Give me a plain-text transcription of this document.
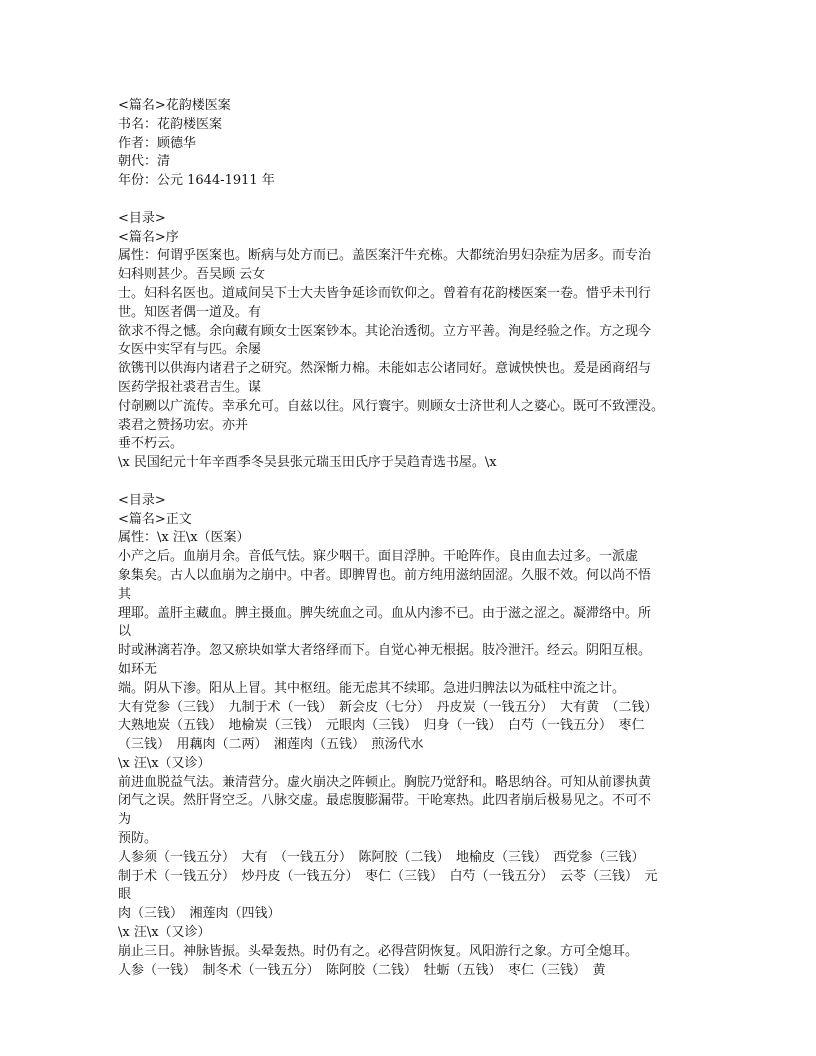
<篇名>花韵楼医案
书名：花韵楼医案
作者：顾德华
朝代：清
年份：公元 1644-1911 年
<目录>
<篇名>序
属性：何谓乎医案也。断病与处方而已。盖医案汗牛充栋。大都统治男妇杂症为居多。而专治
妇科则甚少。吾吴顾 云女
士。妇科名医也。道咸间吴下士大夫皆争延诊而钦仰之。曾着有花韵楼医案一卷。惜乎未刊行
世。知医者偶一道及。有
欲求不得之憾。余向藏有顾女士医案钞本。其论治透彻。立方平善。洵是经验之作。方之现今
女医中实罕有与匹。余屡
欲镌刊以供海内诸君子之研究。然深惭力棉。未能如志公诸同好。意诚怏怏也。爰是函商绍与
医药学报社裘君吉生。谋
付剞劂以广流传。幸承允可。自兹以往。风行寰宇。则顾女士济世利人之婆心。既可不致湮没。
裘君之赞扬功宏。亦并
垂不朽云。
\x 民国纪元十年辛酉季冬吴县张元瑞玉田氏序于吴趋青选书屋。\x
<目录>
<篇名>正文
属性：\x 汪\x（医案）
小产之后。血崩月余。音低气怯。寐少咽干。面目浮肿。干呛阵作。良由血去过多。一派虚
象集矣。古人以血崩为之崩中。中者。即脾胃也。前方纯用滋纳固涩。久服不效。何以尚不悟
其
理耶。盖肝主藏血。脾主摄血。脾失统血之司。血从内渗不已。由于滋之涩之。凝滞络中。所
以
时或淋漓若净。忽又瘀块如掌大者络绎而下。自觉心神无根据。肢冷泄汗。经云。阴阳互根。
如环无
端。阴从下渗。阳从上冒。其中枢纽。能无虑其不续耶。急进归脾法以为砥柱中流之计。
大有党参（三钱）　九制于术（一钱）　新会皮（七分）　丹皮炭（一钱五分）　大有黄　（二钱）
大熟地炭（五钱）　地榆炭（三钱）　元眼肉（三钱）　归身（一钱）　白芍（一钱五分）　枣仁
（三钱）　用藕肉（二两）　湘莲肉（五钱）　煎汤代水
\x 汪\x（又诊）
前进血脱益气法。兼清营分。虚火崩决之阵顿止。胸脘乃觉舒和。略思纳谷。可知从前谬执黄
闭气之误。然肝肾空乏。八脉交虚。最虑腹膨漏带。干呛寒热。此四者崩后极易见之。不可不
为
预防。
人参须（一钱五分）　大有　（一钱五分）　陈阿胶（二钱）　地榆皮（三钱）　西党参（三钱）
制于术（一钱五分）　炒丹皮（一钱五分）　枣仁（三钱）　白芍（一钱五分）　云苓（三钱）　元
眼
肉（三钱）　湘莲肉（四钱）
\x 汪\x（又诊）
崩止三日。神脉皆振。头晕轰热。时仍有之。必得营阴恢复。风阳游行之象。方可全熄耳。
人参（一钱）　制冬术（一钱五分）　陈阿胶（二钱）　牡蛎（五钱）　枣仁（三钱）　黄
